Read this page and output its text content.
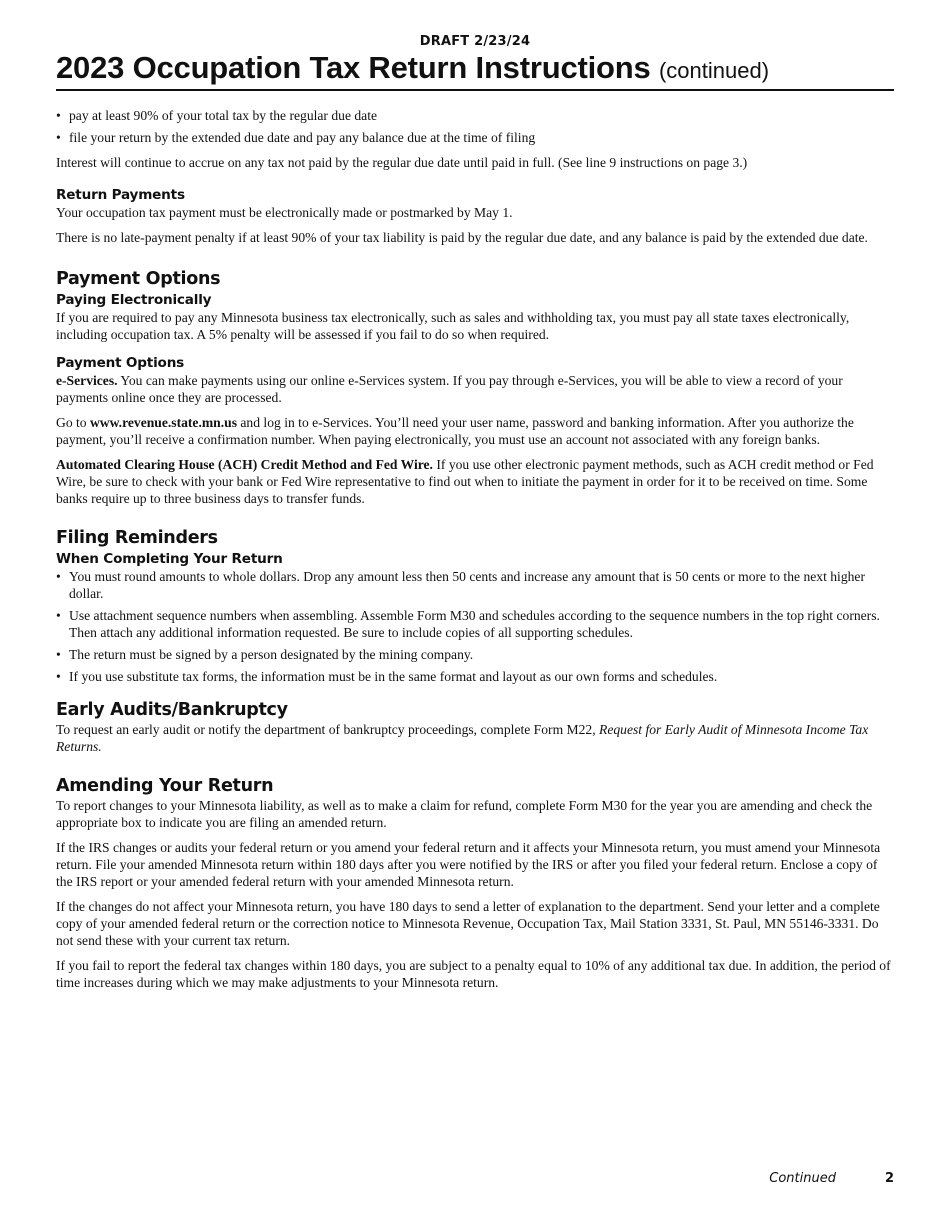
DRAFT 2/23/24
2023 Occupation Tax Return Instructions (continued)
• pay at least 90% of your total tax by the regular due date
• file your return by the extended due date and pay any balance due at the time of filing

Interest will continue to accrue on any tax not paid by the regular due date until paid in full. (See line 9 instructions on page 3.)

Return Payments

Your occupation tax payment must be electronically made or postmarked by May 1.

There is no late-payment penalty if at least 90% of your tax liability is paid by the regular due date, and any balance is paid by the extended due date.

Payment Options
Paying Electronically

If you are required to pay any Minnesota business tax electronically, such as sales and withholding tax, you must pay all state taxes electronically, including occupation tax. A 5% penalty will be assessed if you fail to do so when required.

Payment Options

e-Services. You can make payments using our online e-Services system. If you pay through e-Services, you will be able to view a record of your payments online once they are processed.

Go to www.revenue.state.mn.us and log in to e-Services. You’ll need your user name, password and banking information. After you authorize the payment, you’ll receive a confirmation number. When paying electronically, you must use an account not associated with any foreign banks.

Automated Clearing House (ACH) Credit Method and Fed Wire. If you use other electronic payment methods, such as ACH credit method or Fed Wire, be sure to check with your bank or Fed Wire representative to find out when to initiate the payment in order for it to be received on time. Some banks require up to three business days to transfer funds.

Filing Reminders
When Completing Your Return
• You must round amounts to whole dollars. Drop any amount less then 50 cents and increase any amount that is 50 cents or more to the next higher dollar.
• Use attachment sequence numbers when assembling. Assemble Form M30 and schedules according to the sequence numbers in the top right corners. Then attach any additional information requested. Be sure to include copies of all supporting schedules.
• The return must be signed by a person designated by the mining company.
• If you use substitute tax forms, the information must be in the same format and layout as our own forms and schedules.
Early Audits/Bankruptcy

To request an early audit or notify the department of bankruptcy proceedings, complete Form M22, Request for Early Audit of Minnesota Income Tax Returns.

Amending Your Return

To report changes to your Minnesota liability, as well as to make a claim for refund, complete Form M30 for the year you are amending and check the appropriate box to indicate you are filing an amended return.

If the IRS changes or audits your federal return or you amend your federal return and it affects your Minnesota return, you must amend your Minnesota return. File your amended Minnesota return within 180 days after you were notified by the IRS or after you filed your federal return. Enclose a copy of the IRS report or your amended federal return with your amended Minnesota return.

If the changes do not affect your Minnesota return, you have 180 days to send a letter of explanation to the department. Send your letter and a complete copy of your amended federal return or the correction notice to Minnesota Revenue, Occupation Tax, Mail Station 3331, St. Paul, MN 55146-3331. Do not send these with your current tax return.

If you fail to report the federal tax changes within 180 days, you are subject to a penalty equal to 10% of any additional tax due. In addition, the period of time increases during which we may make adjustments to your Minnesota return.

Continued	2
